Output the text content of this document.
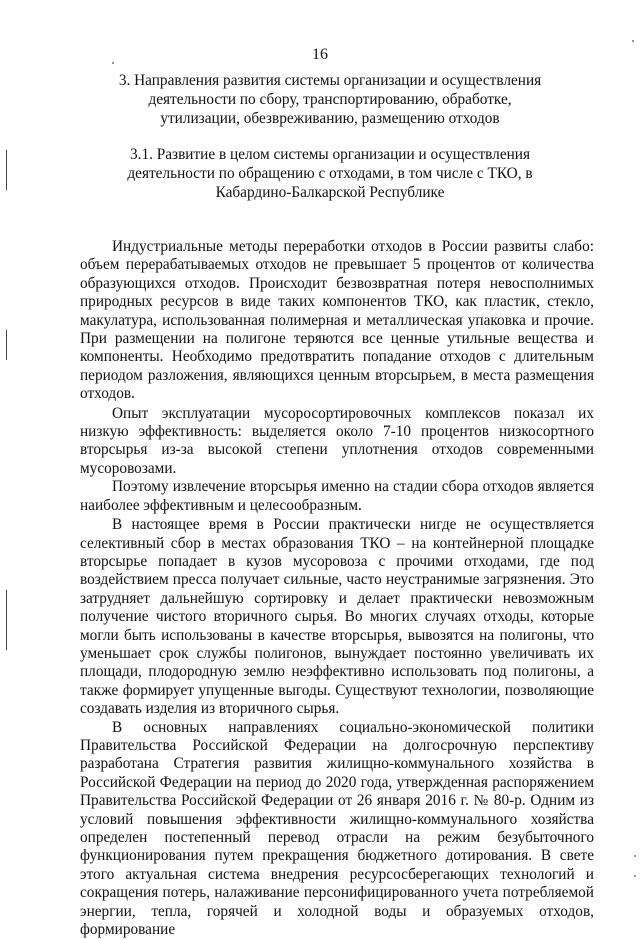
16
3. Направления развития системы организации и осуществления деятельности по сбору, транспортированию, обработке, утилизации, обезвреживанию, размещению отходов
3.1. Развитие в целом системы организации и осуществления деятельности по обращению с отходами, в том числе с ТКО, в Кабардино-Балкарской Республике

Индустриальные методы переработки отходов в России развиты слабо: объем перерабатываемых отходов не превышает 5 процентов от количества образующихся отходов. Происходит безвозвратная потеря невосполнимых природных ресурсов в виде таких компонентов ТКО, как пластик, стекло, макулатура, использованная полимерная и металлическая упаковка и прочие. При размещении на полигоне теряются все ценные утильные вещества и компоненты. Необходимо предотвратить попадание отходов с длительным периодом разложения, являющихся ценным вторсырьем, в места размещения отходов.

Опыт эксплуатации мусоросортировочных комплексов показал их низкую эффективность: выделяется около 7-10 процентов низкосортного вторсырья из-за высокой степени уплотнения отходов современными мусоровозами.

Поэтому извлечение вторсырья именно на стадии сбора отходов является наиболее эффективным и целесообразным.

В настоящее время в России практически нигде не осуществляется селективный сбор в местах образования ТКО – на контейнерной площадке вторсырье попадает в кузов мусоровоза с прочими отходами, где под воздействием пресса получает сильные, часто неустранимые загрязнения. Это затрудняет дальнейшую сортировку и делает практически невозможным получение чистого вторичного сырья. Во многих случаях отходы, которые могли быть использованы в качестве вторсырья, вывозятся на полигоны, что уменьшает срок службы полигонов, вынуждает постоянно увеличивать их площади, плодородную землю неэффективно использовать под полигоны, а также формирует упущенные выгоды. Существуют технологии, позволяющие создавать изделия из вторичного сырья.

В основных направлениях социально-экономической политики Правительства Российской Федерации на долгосрочную перспективу разработана Стратегия развития жилищно-коммунального хозяйства в Российской Федерации на период до 2020 года, утвержденная распоряжением Правительства Российской Федерации от 26 января 2016 г. № 80-р. Одним из условий повышения эффективности жилищно-коммунального хозяйства определен постепенный перевод отрасли на режим безубыточного функционирования путем прекращения бюджетного дотирования. В свете этого актуальная система внедрения ресурсосберегающих технологий и сокращения потерь, налаживание персонифицированного учета потребляемой энергии, тепла, горячей и холодной воды и образуемых отходов, формирование
